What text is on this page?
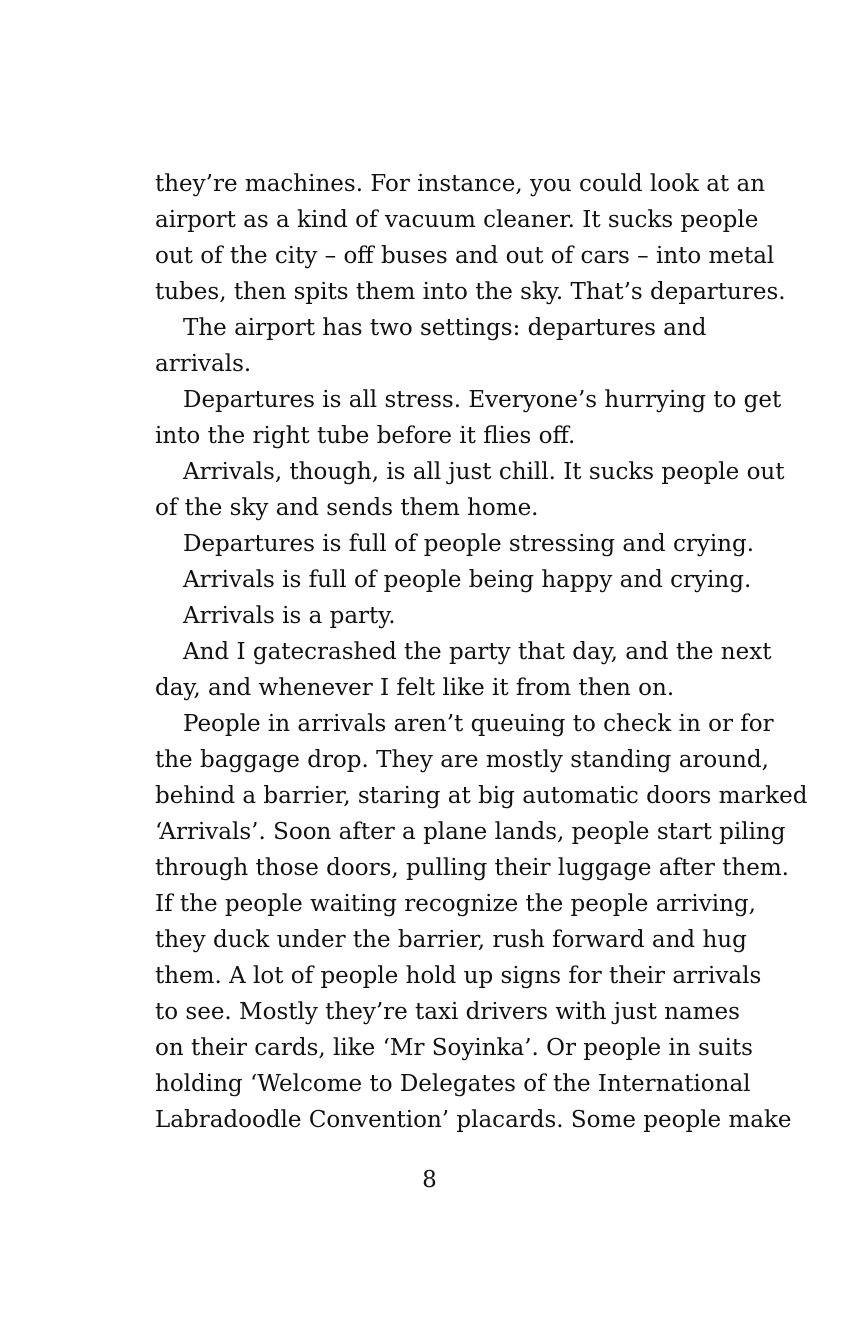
they’re machines. For instance, you could look at an
airport as a kind of vacuum cleaner. It sucks people
out of the city – off buses and out of cars – into metal
tubes, then spits them into the sky. That’s departures.
The airport has two settings: departures and
arrivals.
Departures is all stress. Everyone’s hurrying to get
into the right tube before it flies off.
Arrivals, though, is all just chill. It sucks people out
of the sky and sends them home.
Departures is full of people stressing and crying.
Arrivals is full of people being happy and crying.
Arrivals is a party.
And I gatecrashed the party that day, and the next
day, and whenever I felt like it from then on.
People in arrivals aren’t queuing to check in or for
the baggage drop. They are mostly standing around,
behind a barrier, staring at big automatic doors marked
‘Arrivals’. Soon after a plane lands, people start piling
through those doors, pulling their luggage after them.
If the people waiting recognize the people arriving,
they duck under the barrier, rush forward and hug
them. A lot of people hold up signs for their arrivals
to see. Mostly they’re taxi drivers with just names
on their cards, like ‘Mr Soyinka’. Or people in suits
holding ‘Welcome to Delegates of the International
Labradoodle Convention’ placards. Some people make
8
